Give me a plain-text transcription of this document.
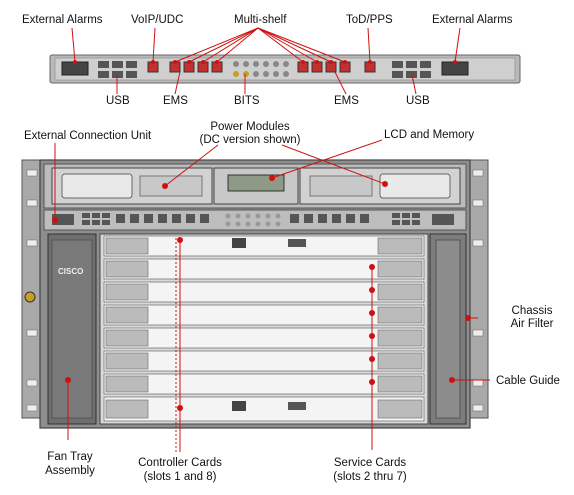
CISCO
External Alarms VoIP/UDC	Multi-shelf	ToD/PPS	External Alarms
USB	EMS	BITS	EMS	USB
External Connection Unit
Power Modules
(DC version shown)	LCD and Memory
Chassis
Air Filter
Cable Guide
Fan Tray
Assembly
Controller Cards
(slots 1 and 8)
Service Cards
(slots 2 thru 7)
